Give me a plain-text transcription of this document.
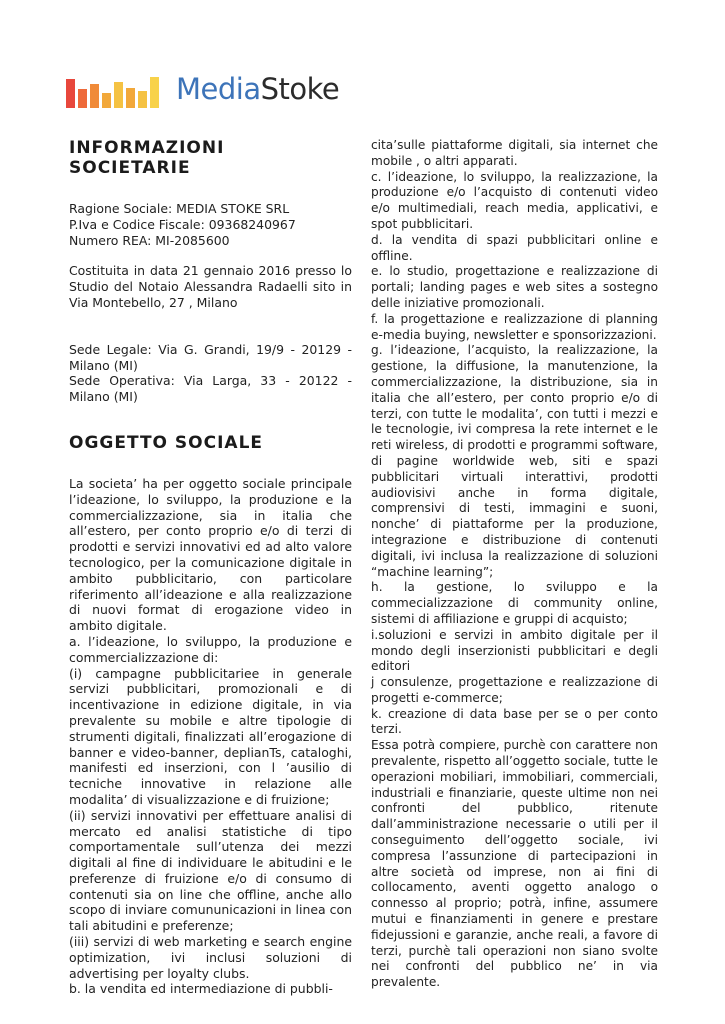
MediaStoke
INFORMAZIONI SOCIETARIE

Ragione Sociale: MEDIA STOKE SRL

P.Iva e Codice Fiscale: 09368240967

Numero REA: MI-2085600

Costituita in data 21 gennaio 2016 presso lo Studio del Notaio Alessandra Radaelli sito in Via Montebello, 27 , Milano

Sede Legale: Via G. Grandi, 19/9 - 20129 - Milano (MI)

Sede Operativa: Via Larga, 33 - 20122 - Milano (MI)

OGGETTO SOCIALE

La societa’ ha per oggetto sociale principale l’ideazione, lo sviluppo, la produzione e la commercializzazione, sia in italia che all’estero, per conto proprio e/o di terzi di prodotti e servizi innovativi ed ad alto valore tecnologico, per la comunicazione digitale in ambito pubblicitario, con particolare riferimento all’ideazione e alla realizzazione di nuovi format di erogazione video in ambito digitale.

a. l’ideazione, lo sviluppo, la produzione e commercializzazione di:

(i) campagne pubblicitariee in generale servizi pubblicitari, promozionali e di incentivazione in edizione digitale, in via prevalente su mobile e altre tipologie di strumenti digitali, finalizzati all’erogazione di banner e video-banner, deplianTs, cataloghi, manifesti ed inserzioni, con l ’ausilio di tecniche innovative in relazione alle modalita’ di visualizzazione e di fruizione;

(ii) servizi innovativi per effettuare analisi di mercato ed analisi statistiche di tipo comportamentale sull’utenza dei mezzi digitali al fine di individuare le abitudini e le preferenze di fruizione e/o di consumo di contenuti sia on line che offline, anche allo scopo di inviare comununicazioni in linea con tali abitudini e preferenze;

(iii) servizi di web marketing e search engine optimization, ivi inclusi soluzioni di advertising per loyalty clubs.

b. la vendita ed intermediazione di pubbli-

cita’sulle piattaforme digitali, sia internet che mobile , o altri apparati.

c. l’ideazione, lo sviluppo, la realizzazione, la produzione e/o l’acquisto di contenuti video e/o multimediali, reach media, applicativi, e spot pubblicitari.

d. la vendita di spazi pubblicitari online e offline.

e. lo studio, progettazione e realizzazione di portali; landing pages e web sites a sostegno delle iniziative promozionali.

f. la progettazione e realizzazione di planning e-media buying, newsletter e sponsorizzazioni.

g. l’ideazione, l’acquisto, la realizzazione, la gestione, la diffusione, la manutenzione, la commercializzazione, la distribuzione, sia in italia che all’estero, per conto proprio e/o di terzi, con tutte le modalita’, con tutti i mezzi e le tecnologie, ivi compresa la rete internet e le reti wireless, di prodotti e programmi software, di pagine worldwide web, siti e spazi pubblicitari virtuali interattivi, prodotti audiovisivi anche in forma digitale, comprensivi di testi, immagini e suoni, nonche’ di piattaforme per la produzione, integrazione e distribuzione di contenuti digitali, ivi inclusa la realizzazione di soluzioni “machine learning”;

h. la gestione, lo sviluppo e la commecializzazione di community online, sistemi di affiliazione e gruppi di acquisto;

i.soluzioni e servizi in ambito digitale per il mondo degli inserzionisti pubblicitari e degli editori

j consulenze, progettazione e realizzazione di progetti e-commerce;

k. creazione di data base per se o per conto terzi.

Essa potrà compiere, purchè con carattere non prevalente, rispetto all’oggetto sociale, tutte le operazioni mobiliari, immobiliari, commerciali, industriali e finanziarie, queste ultime non nei confronti del pubblico, ritenute dall’amministrazione necessarie o utili per il conseguimento dell’oggetto sociale, ivi compresa l’assunzione di partecipazioni in altre società od imprese, non ai fini di collocamento, aventi oggetto analogo o connesso al proprio; potrà, infine, assumere mutui e finanziamenti in genere e prestare fidejussioni e garanzie, anche reali, a favore di terzi, purchè tali operazioni non siano svolte nei confronti del pubblico ne’ in via prevalente.
